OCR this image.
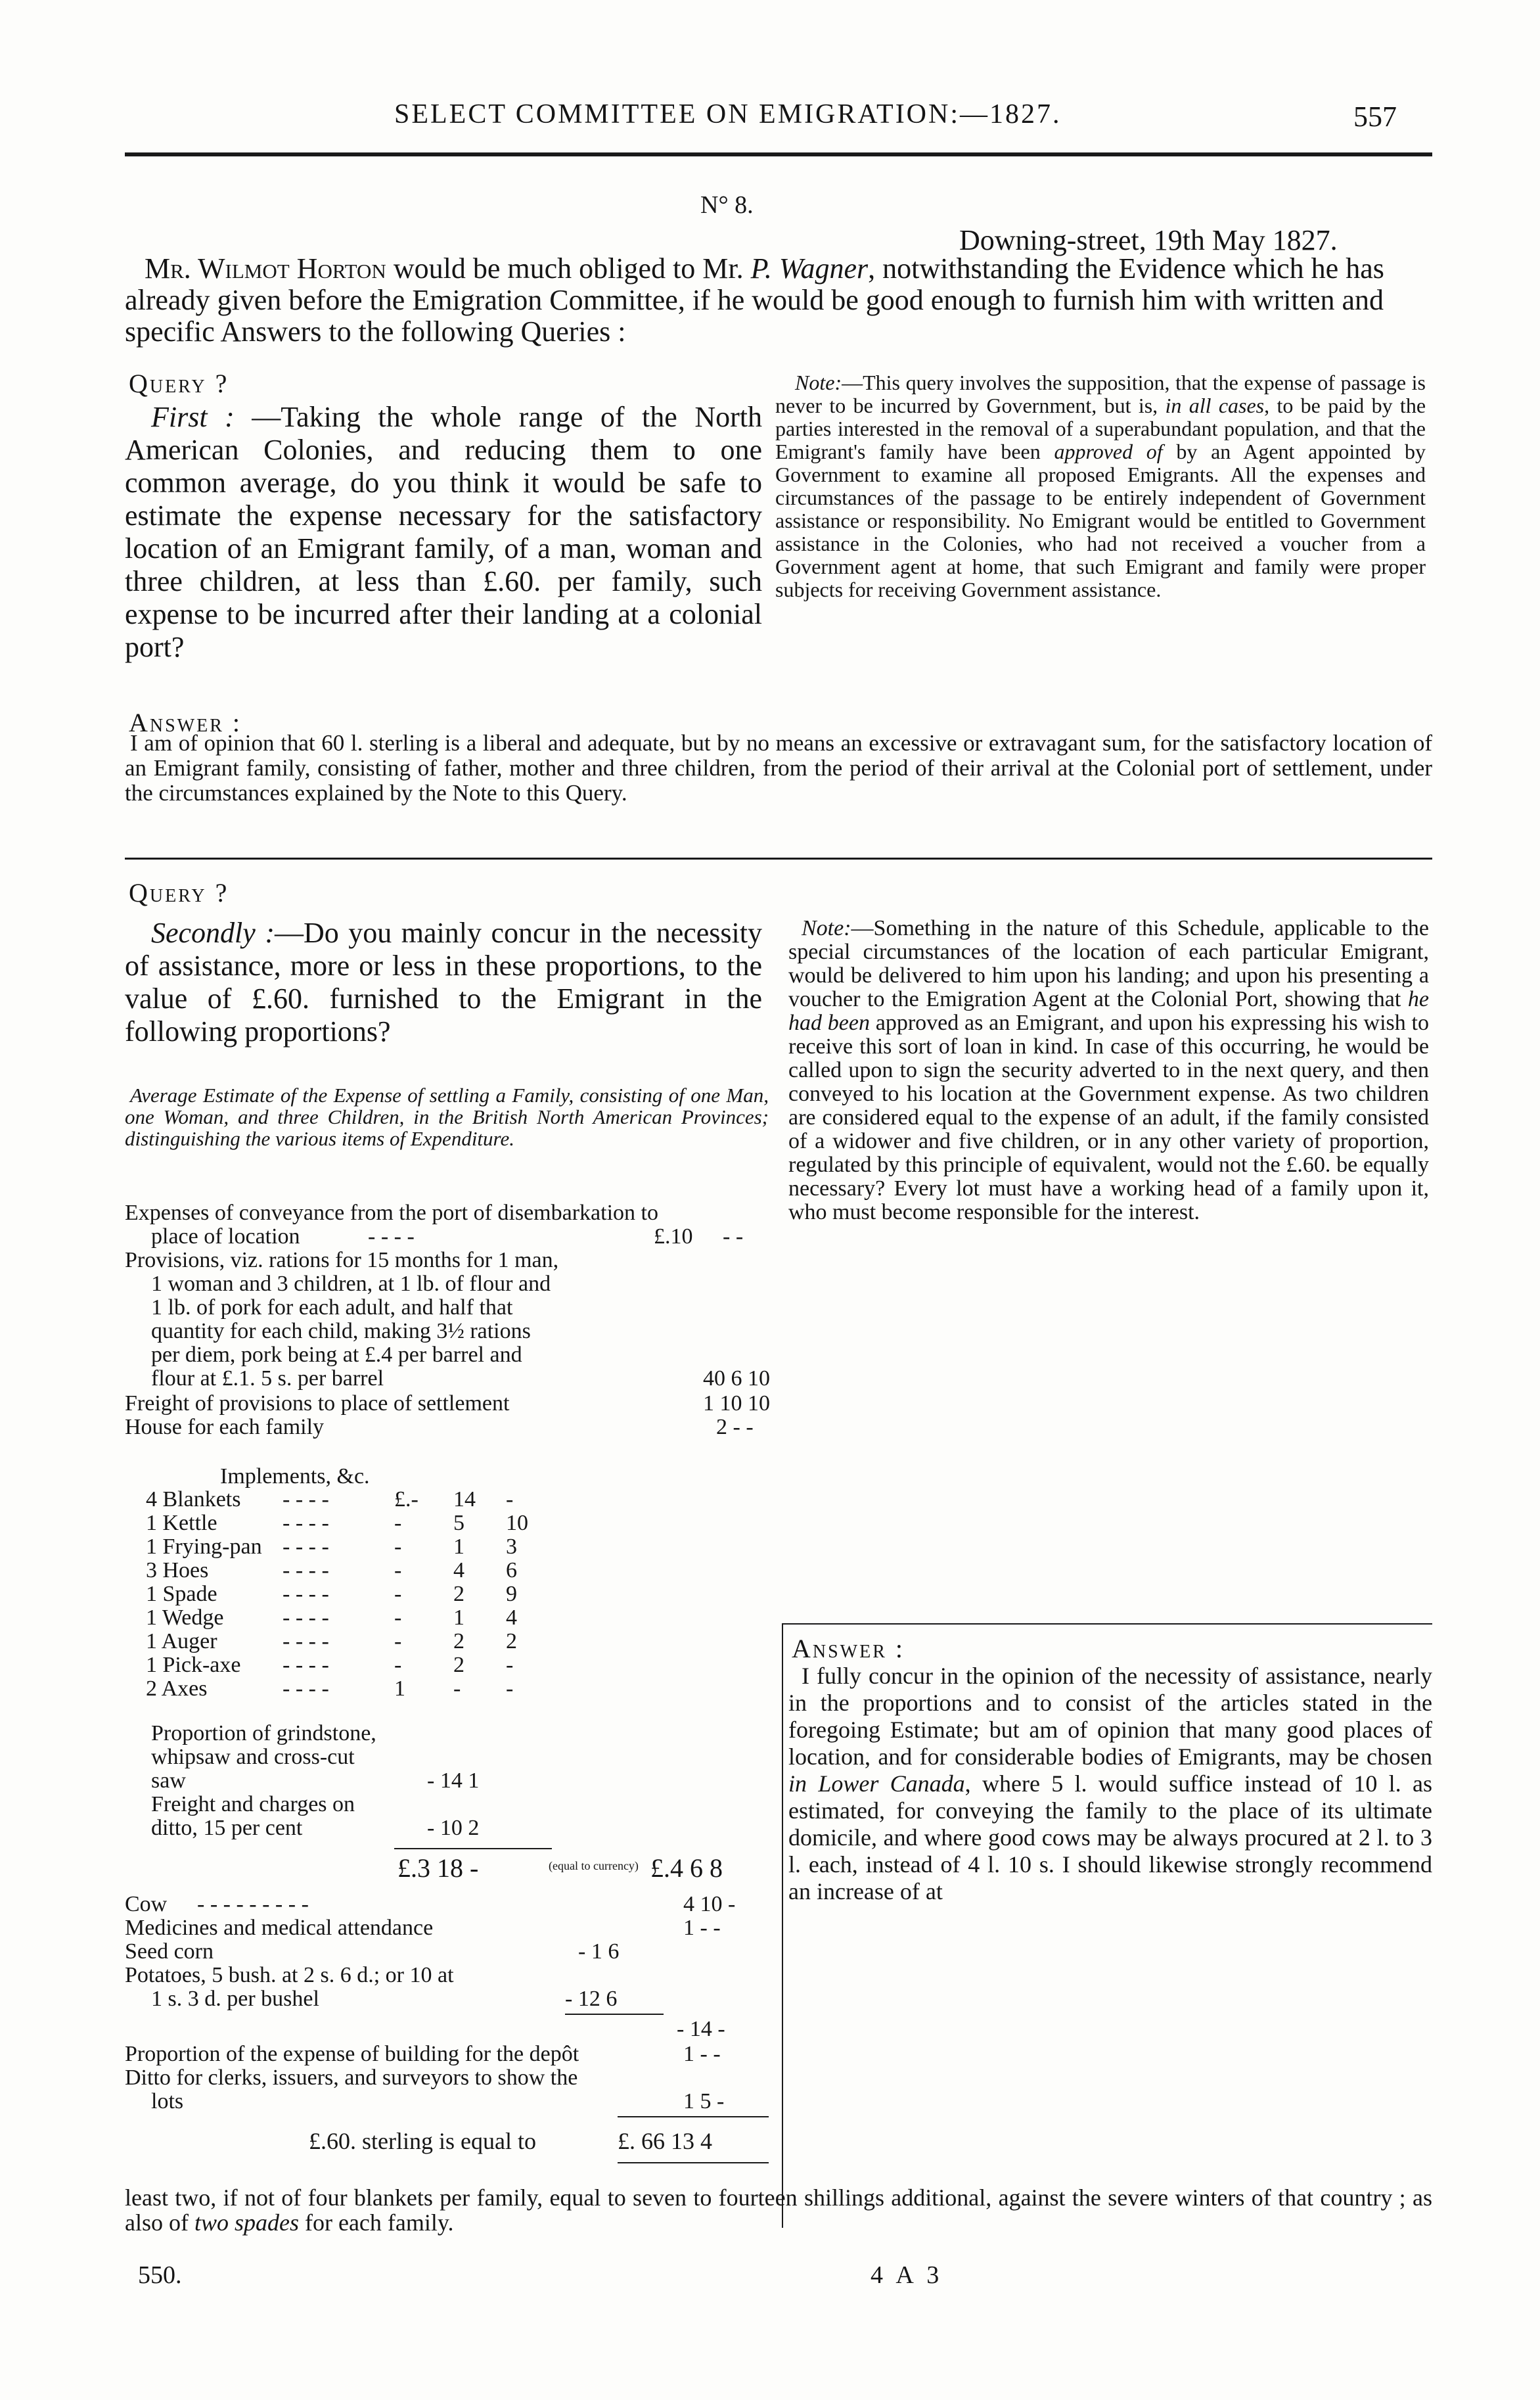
SELECT COMMITTEE ON EMIGRATION:—1827.	557
N° 8.
Downing-street, 19th May 1827.
Mr. Wilmot Horton would be much obliged to Mr. P. Wagner, notwithstanding the Evidence which he has already given before the Emigration Committee, if he would be good enough to furnish him with written and specific Answers to the following Queries :
Query ?
First : —Taking the whole range of the North American Colonies, and reducing them to one common average, do you think it would be safe to estimate the expense necessary for the satisfactory location of an Emigrant family, of a man, woman and three children, at less than £.60. per family, such expense to be incurred after their landing at a colonial port?
Note:—This query involves the supposition, that the expense of passage is never to be incurred by Government, but is, in all cases, to be paid by the parties interested in the removal of a superabundant population, and that the Emigrant's family have been approved of by an Agent appointed by Government to examine all proposed Emigrants. All the expenses and circumstances of the passage to be entirely independent of Government assistance or responsibility. No Emigrant would be entitled to Government assistance in the Colonies, who had not received a voucher from a Government agent at home, that such Emigrant and family were proper subjects for receiving Government assistance.
Answer :
I am of opinion that 60 l. sterling is a liberal and adequate, but by no means an excessive or extravagant sum, for the satisfactory location of an Emigrant family, consisting of father, mother and three children, from the period of their arrival at the Colonial port of settlement, under the circumstances explained by the Note to this Query.
Query ?
Secondly :—Do you mainly concur in the necessity of assistance, more or less in these proportions, to the value of £.60. furnished to the Emigrant in the following proportions?
Note:—Something in the nature of this Schedule, applicable to the special circumstances of the location of each particular Emigrant, would be delivered to him upon his landing; and upon his presenting a voucher to the Emigration Agent at the Colonial Port, showing that he had been approved as an Emigrant, and upon his expressing his wish to receive this sort of loan in kind. In case of this occurring, he would be called upon to sign the security adverted to in the next query, and then conveyed to his location at the Government expense. As two children are considered equal to the expense of an adult, if the family consisted of a widower and five children, or in any other variety of proportion, regulated by this principle of equivalent, would not the £.60. be equally necessary? Every lot must have a working head of a family upon it, who must become responsible for the interest.
Average Estimate of the Expense of settling a Family, consisting of one Man, one Woman, and three Children, in the British North American Provinces; distinguishing the various items of Expenditure.
Expenses of conveyance from the port of disembarkation to
place of location	- - - -	£.10 - -
Provisions, viz. rations for 15 months for 1 man,
1 woman and 3 children, at 1 lb. of flour and
1 lb. of pork for each adult, and half that
quantity for each child, making 3½ rations
per diem, pork being at £.4 per barrel and
flour at £.1. 5 s. per barrel	40 6 10
Freight of provisions to place of settlement	1 10 10
House for each family	2 - -
Implements, &c.
4 Blankets - - - -	£.- 14 -
1 Kettle	- - - -	- 5 10
1 Frying-pan - - - -	- 1 3
3 Hoes	- - - -	- 4 6
1 Spade	- - - -	- 2 9
1 Wedge	- - - -	- 1 4
1 Auger	- - - -	- 2 2
1 Pick-axe - - - -	- 2 -
2 Axes	- - - -	1 - -
Proportion of grindstone,
whipsaw and cross-cut
saw	- 14 1
Freight and charges on
ditto, 15 per cent	- 10 2
£.3 18 -	(equal to currency) £.4 6 8
Cow - - - - - - - - -	4 10 -
Medicines and medical attendance	1 - -
Seed corn	- 1 6
Potatoes, 5 bush. at 2 s. 6 d.; or 10 at
1 s. 3 d. per bushel	- 12 6
- 14 -
Proportion of the expense of building for the depôt	1 - -
Ditto for clerks, issuers, and surveyors to show the
lots	1 5 -
£.60. sterling is equal to	£. 66 13 4
Answer :
I fully concur in the opinion of the necessity of assistance, nearly in the proportions and to consist of the articles stated in the foregoing Estimate; but am of opinion that many good places of location, and for considerable bodies of Emigrants, may be chosen in Lower Canada, where 5 l. would suffice instead of 10 l. as estimated, for conveying the family to the place of its ultimate domicile, and where good cows may be always procured at 2 l. to 3 l. each, instead of 4 l. 10 s. I should likewise strongly recommend an increase of at
least two, if not of four blankets per family, equal to seven to fourteen shillings additional, against the severe winters of that country ; as also of two spades for each family.
550.	4 A 3
